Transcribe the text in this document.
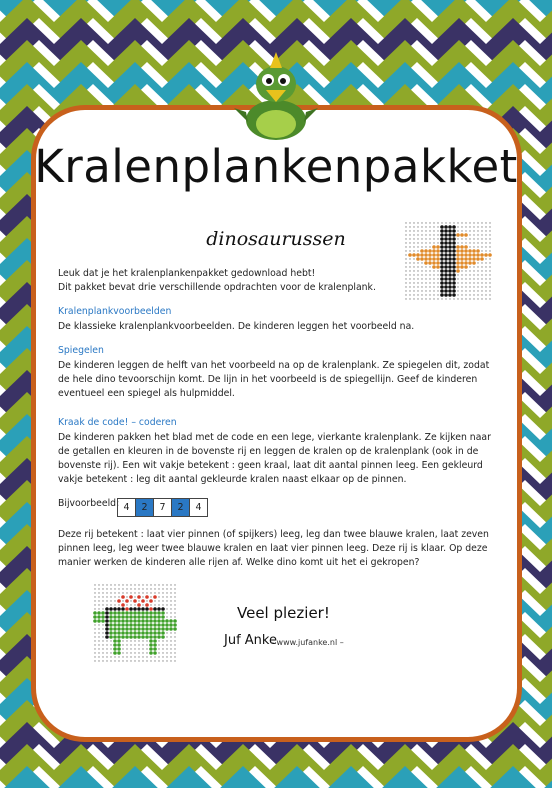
Kralenplankenpakket
dinosaurussen
Leuk dat je het kralenplankenpakket gedownload hebt!
Dit pakket bevat drie verschillende opdrachten voor de kralenplank.
Kralenplankvoorbeelden
De klassieke kralenplankvoorbeelden. De kinderen leggen het voorbeeld na.
Spiegelen
De kinderen leggen de helft van het voorbeeld na op de kralenplank. Ze spiegelen dit, zodat de hele dino tevoorschijn komt. De lijn in het voorbeeld is de spiegellijn. Geef de kinderen eventueel een spiegel als hulpmiddel.
Kraak de code! – coderen
De kinderen pakken het blad met de code en een lege, vierkante kralenplank. Ze kijken naar de getallen en kleuren in de bovenste rij en leggen de kralen op de kralenplank (ook in de bovenste rij). Een wit vakje betekent : geen kraal, laat dit aantal pinnen leeg. Een gekleurd vakje betekent : leg dit aantal gekleurde kralen naast elkaar op de pinnen.
Bijvoorbeeld: 4	2	7	2	4
Deze rij betekent : laat vier pinnen (of spijkers) leeg, leg dan twee blauwe kralen, laat zeven pinnen leeg, leg weer twee blauwe kralen en laat vier pinnen leeg. Deze rij is klaar. Op deze manier werken de kinderen alle rijen af. Welke dino komt uit het ei gekropen?
Veel plezier!
Juf Anke
– www.jufanke.nl –
